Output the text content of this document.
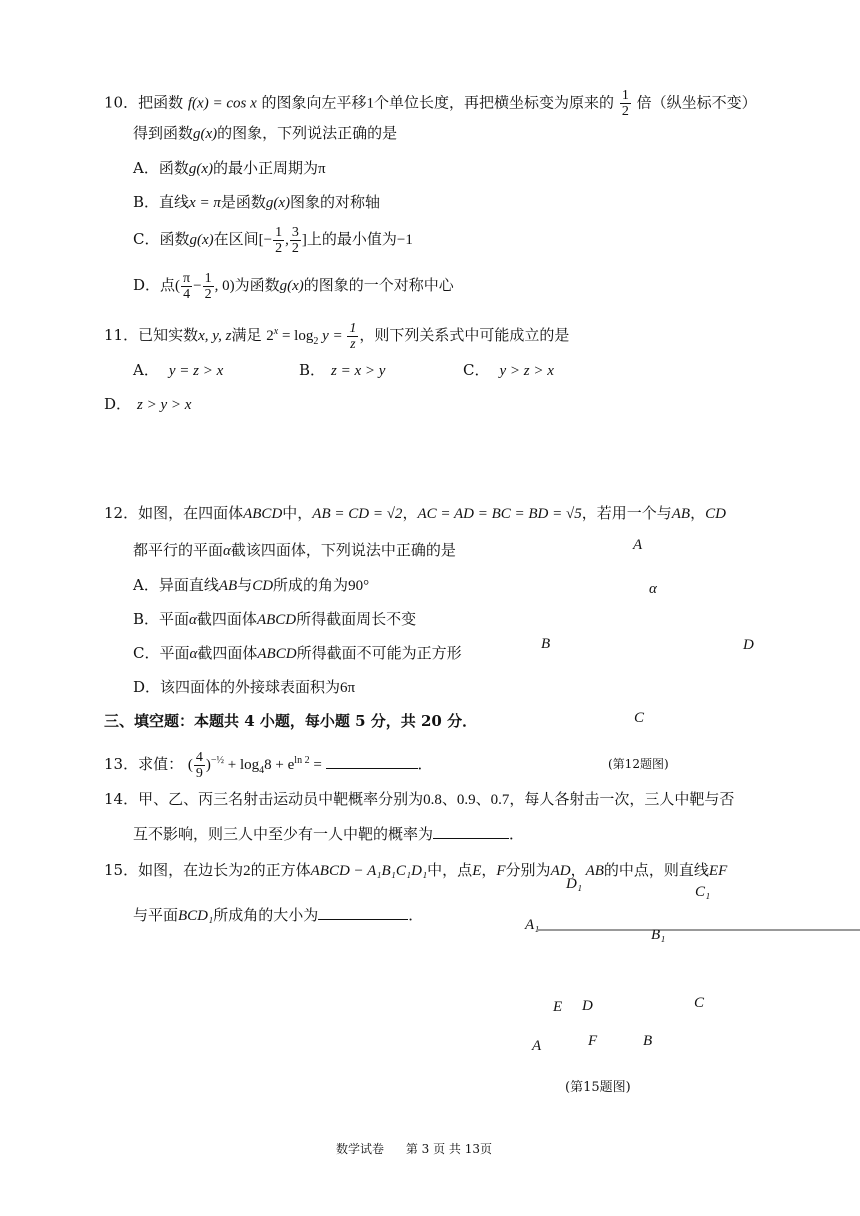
10．把函数 f(x) = cos x 的图象向左平移1个单位长度，再把横坐标变为原来的 $\frac{1}{2}$ 倍（纵坐标不变）
得到函数g(x)的图象，下列说法正确的是
A．函数g(x)的最小正周期为π
B．直线x = π是函数g(x)图象的对称轴
C．函数g(x)在区间[− $\frac{1}{2}$ , $\frac{3}{2}$ ]上的最小值为−1
D．点( $\frac{\pi}{4} - \frac{1}{2}$ , 0)为函数g(x)的图象的一个对称中心
11．已知实数x, y, z满足 $2^x = \log_2 y = \frac{1}{z}$ ，则下列关系式中可能成立的是
A． y = z > x	B． z = x > y	C． y > z > x
D． z > y > x
12．如图，在四面体ABCD中，AB = CD = √2，AC = AD = BC = BD = √5，若用一个与AB，CD
都平行的平面α截该四面体，下列说法中正确的是
A．异面直线AB与CD所成的角为90°
B．平面α截四面体ABCD所得截面周长不变
C．平面α截四面体ABCD所得截面不可能为正方形
D．该四面体的外接球表面积为6π
A
α
B	D
C
(第12题图)
三、填空题：本题共 4 小题，每小题 5 分，共 20 分．
13．求值： ( $\frac{4}{9} )^{-\frac{1}{2}} + \log_48 + e^{ln 2}$ =	．
14．甲、乙、丙三名射击运动员中靶概率分别为0.8、0.9、0.7，每人各射击一次，三人中靶与否
互不影响，则三人中至少有一人中靶的概率为	．
15．如图，在边长为2的正方体ABCD − A₁B₁C₁D₁中，点E，F分别为AD，AB的中点，则直线EF
与平面BCD₁所成角的大小为	．
D₁	C₁
A₁
B₁
E D	C
A	F	B
(第15题图)
数学试卷 第 3 页 共 13页
